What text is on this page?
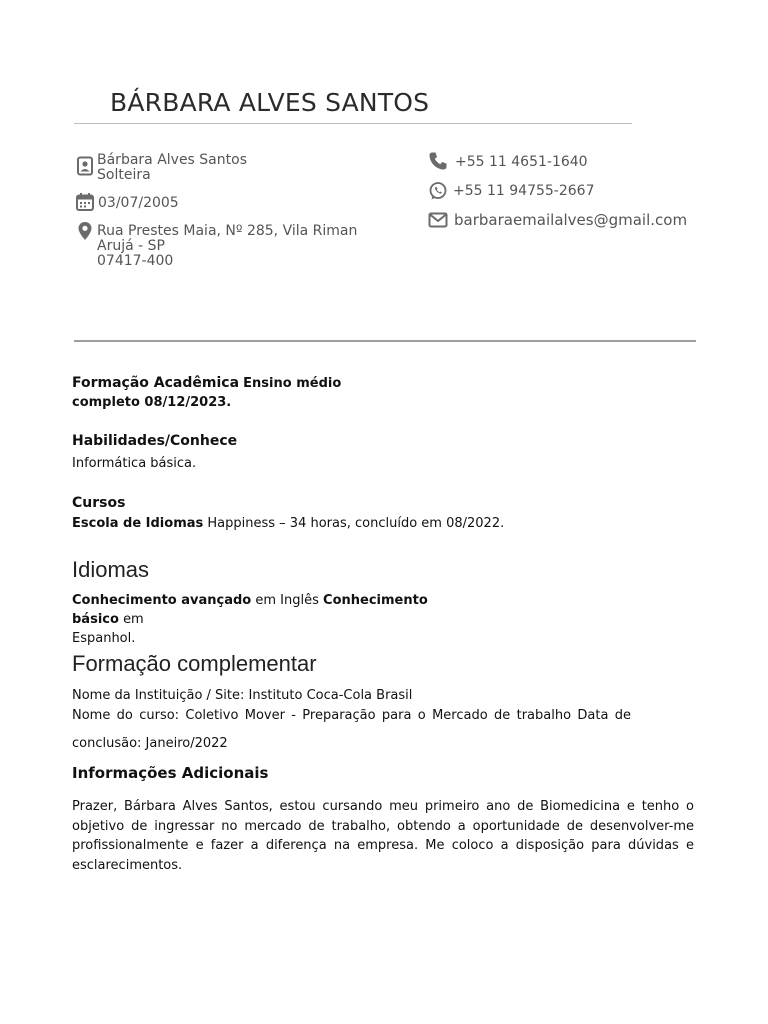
BÁRBARA ALVES SANTOS
Bárbara Alves Santos
Solteira
03/07/2005
Rua Prestes Maia, Nº 285, Vila Riman
Arujá - SP
07417-400
+55 11 4651-1640
+55 11 94755-2667
barbaraemailalves@gmail.com
Formação Acadêmica Ensino médio
completo 08/12/2023.
Habilidades/Conhece
Informática básica.
Cursos
Escola de Idiomas Happiness – 34 horas, concluído em 08/2022.
Idiomas
Conhecimento avançado em Inglês Conhecimento básico em
Espanhol.
Formação complementar
Nome da Instituição / Site: Instituto Coca-Cola Brasil
Nome do curso: Coletivo Mover - Preparação para o Mercado de trabalho Data de
conclusão: Janeiro/2022
Informações Adicionais
Prazer, Bárbara Alves Santos, estou cursando meu primeiro ano de Biomedicina e tenho o objetivo de ingressar no mercado de trabalho, obtendo a oportunidade de desenvolver-me profissionalmente e fazer a diferença na empresa. Me coloco a disposição para dúvidas e esclarecimentos.
